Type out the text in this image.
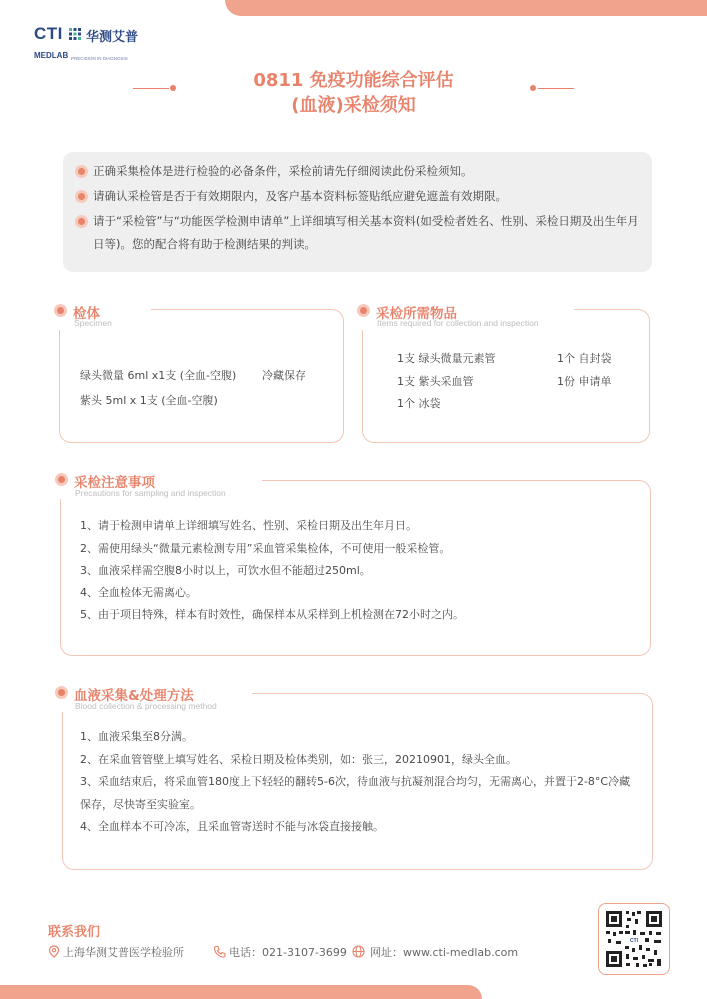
CTI 华测艾普
MEDLAB PRECISION IN DIAGNOSIS
0811 免疫功能综合评估
(血液)采检须知
正确采集检体是进行检验的必备条件，采检前请先仔细阅读此份采检须知。
请确认采检管是否于有效期限内，及客户基本资料标签贴纸应避免遮盖有效期限。
请于“采检管”与“功能医学检测申请单”上详细填写相关基本资料(如受检者姓名、性别、采检日期及出生年月日等)。您的配合将有助于检测结果的判读。
检体
Specimen
绿头微量 6ml x1支 (全血-空腹) 冷藏保存
紫头 5ml x 1支 (全血-空腹)
采检所需物品
Items required for collection and inspection
1支 绿头微量元素管
1支 紫头采血管
1个 冰袋
1个 自封袋
1份 申请单
采检注意事项
Precautions for sampling and inspection
1、请于检测申请单上详细填写姓名、性别、采检日期及出生年月日。
2、需使用绿头“微量元素检测专用”采血管采集检体，不可使用一般采检管。
3、血液采样需空腹8小时以上，可饮水但不能超过250ml。
4、全血检体无需离心。
5、由于项目特殊，样本有时效性，确保样本从采样到上机检测在72小时之内。
血液采集&处理方法
Blood collection & processing method
1、血液采集至8分满。
2、在采血管管壁上填写姓名、采检日期及检体类别，如：张三，20210901，绿头全血。
3、采血结束后，将采血管180度上下轻轻的翻转5-6次，待血液与抗凝剂混合均匀，无需离心，并置于2-8°C冷藏保存，尽快寄至实验室。
4、全血样本不可冷冻，且采血管寄送时不能与冰袋直接接触。
联系我们
上海华测艾普医学检验所	电话：021-3107-3699 网址：www.cti-medlab.com
CTI
